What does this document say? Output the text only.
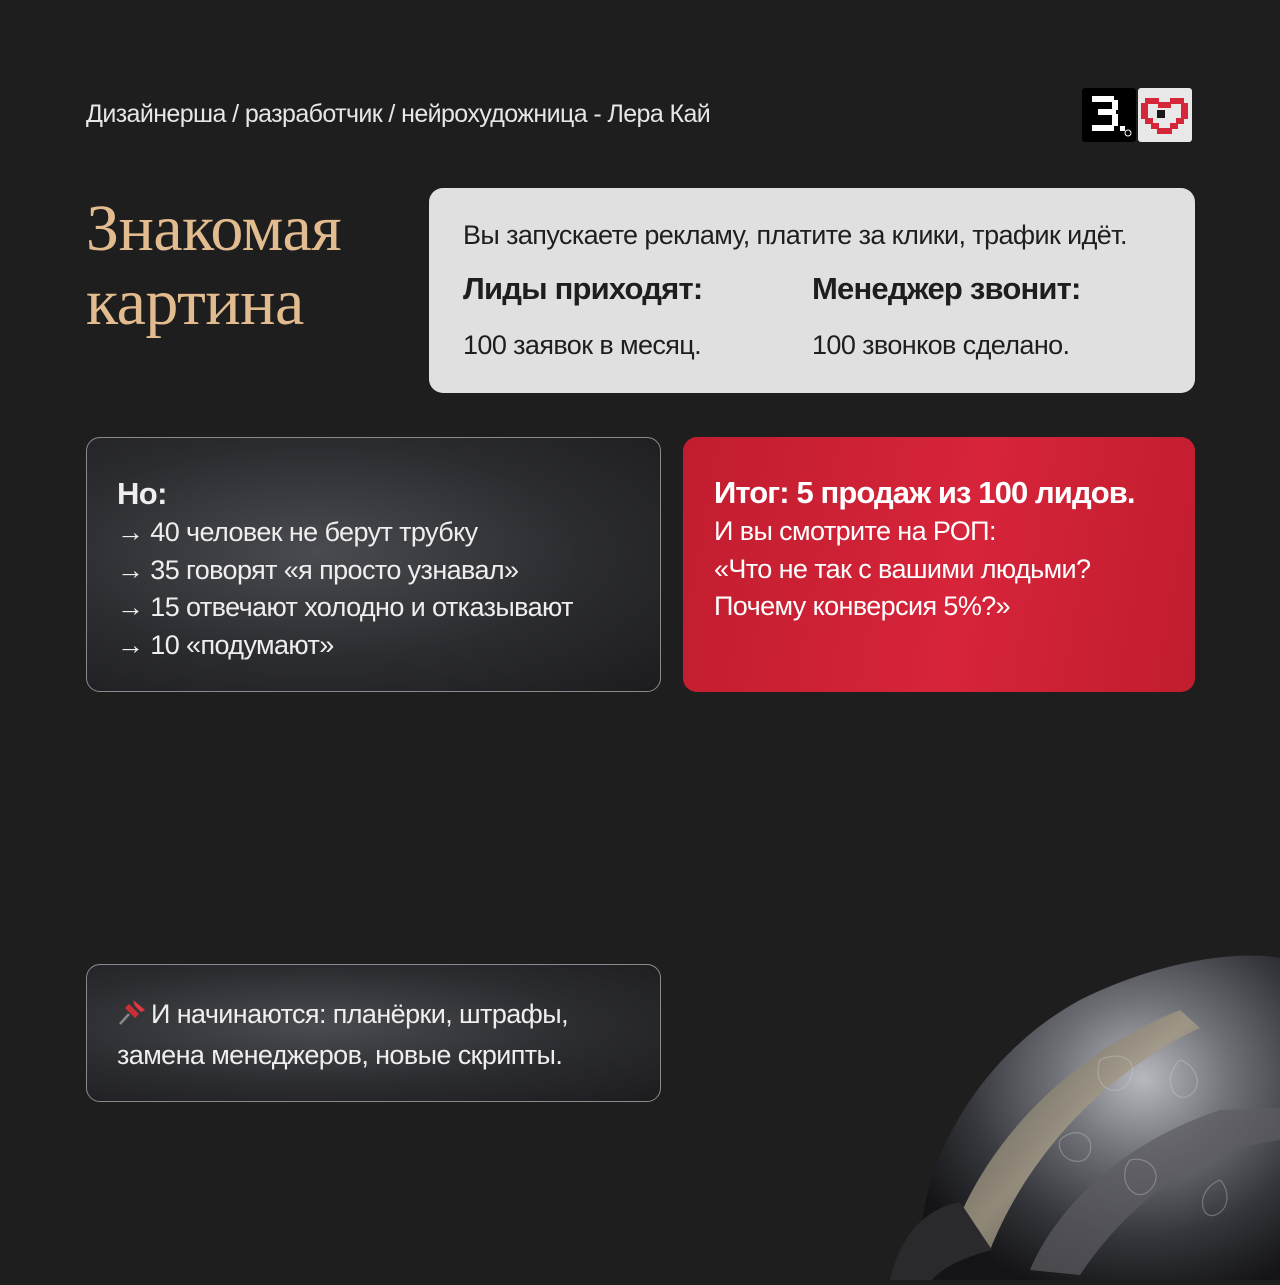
Дизайнерша / разработчик / нейрохудожница - Лера Кай
Знакомая
картина
Вы запускаете рекламу, платите за клики, трафик идёт.
Лиды приходят:
100 заявок в месяц.
Менеджер звонит:
100 звонков сделано.
Но:
→ 40 человек не берут трубку
→ 35 говорят «я просто узнавал»
→ 15 отвечают холодно и отказывают
→ 10 «подумают»
Итог: 5 продаж из 100 лидов.
И вы смотрите на РОП:
«Что не так с вашими людьми?
Почему конверсия 5%?»
И начинаются: планёрки, штрафы,
замена менеджеров, новые скрипты.
